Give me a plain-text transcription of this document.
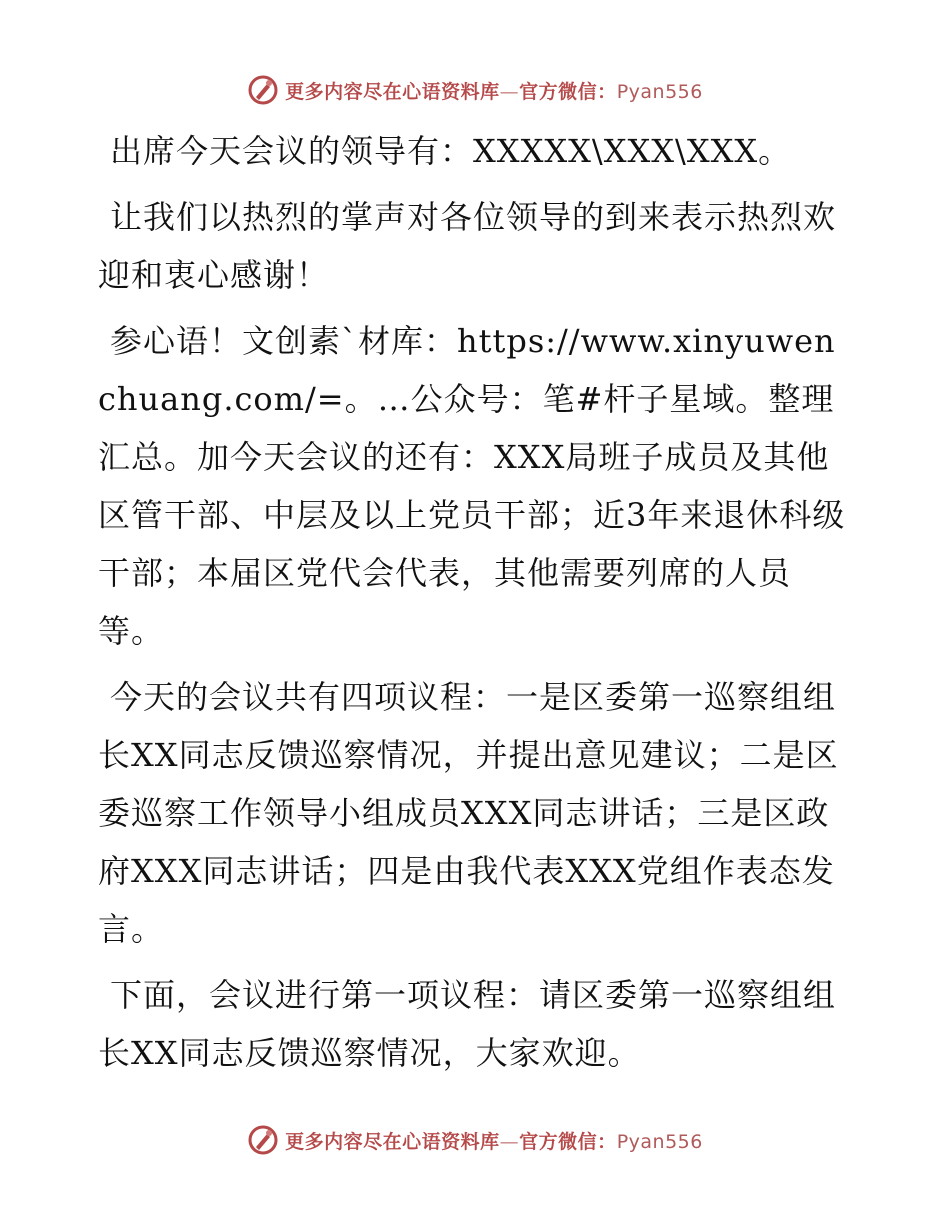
更多内容尽在心语资料库—官方微信：Pyan556

出席今天会议的领导有：XXXXX\XXX\XXX。

让我们以热烈的掌声对各位领导的到来表示热烈欢迎和衷心感谢！

参心语！文创素`材库：https://www.xinyuwenchuang.com/=。…公众号：笔#杆子星域。整理汇总。加今天会议的还有：XXX局班子成员及其他区管干部、中层及以上党员干部；近3年来退休科级干部；本届区党代会代表，其他需要列席的人员等。

今天的会议共有四项议程：一是区委第一巡察组组长XX同志反馈巡察情况，并提出意见建议；二是区委巡察工作领导小组成员XXX同志讲话；三是区政府XXX同志讲话；四是由我代表XXX党组作表态发言。

下面，会议进行第一项议程：请区委第一巡察组组长XX同志反馈巡察情况，大家欢迎。

更多内容尽在心语资料库—官方微信：Pyan556
